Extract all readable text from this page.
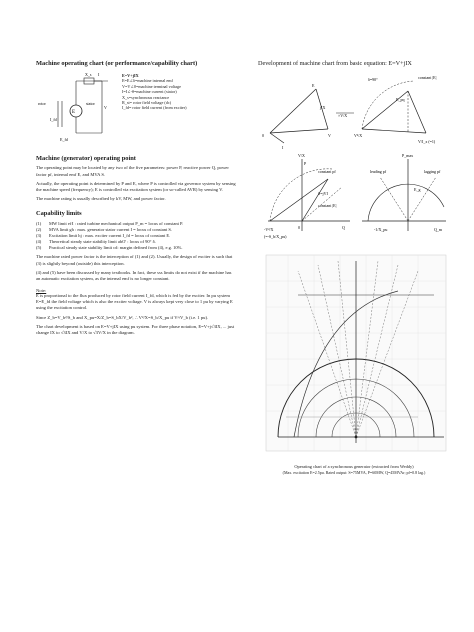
Machine operating chart (or performance/capability chart)
E
X_s I
rotor	stator
V
I_fd
E_fd
E=V+jIX
E=E∠δ=machine internal emf
V=V∠0=machine terminal voltage
I=I∠-θ=machine current (stator)
X_s=synchronous reactance
R_st= rotor field voltage (dc)
I_fd= rotor field current (from exciter)
Machine (generator) operating point
The operating point may be located by any two of the five parameters: power P, reactive power Q, power factor pf, internal emf E, and MVA S.
Actually, the operating point is determined by P and E, where P is controlled via governor system by sensing the machine speed (frequency); E is controlled via excitation system (or so-called AVR) by sensing V.
The machine rating is usually described by kV, MW, and power factor.
Capability limits
(1)	MW limit efℓ : rated turbine mechanical output P_m = locus of constant P.
(2)	MVA limit gh : max. generator stator current I = locus of constant S.
(3)	Excitation limit hj : max. exciter current I_fd = locus of constant E.
(4)	Theoretical steady state stability limit abO' : locus of 90° δ.
(5)	Practical steady state stability limit cd: margin defined from (4), e.g. 10%.
The machine rated power factor is the interception of (1) and (2). Usually, the design of exciter is such that (3) is slightly beyond (outside) this interception.
(4) and (5) have been discussed by many textbooks. In fact, these sss limits do not exist if the machine has an automatic excitation system, as the internal emf is no longer constant.
Note:
E is proportional to the flux produced by rotor field current I_fd, which is fed by the exciter. In pu system E=E_fd the field voltage which is also the exciter voltage. V is always kept very close to 1 pu by varying E using the excitation control.
Since Z_b=V_b²/S_b and X_pu=X/Z_b=S_bX/V_b², ∴ V²/X=S_b/X_pu if V≈V_b (i.e. 1 pu).
The chart development is based on E=V+jIX using pu system. For three phase notation, E=V+j√3IX, ... just change IX to √3IX and V/X to √3V/X in the diagram.
Development of machine chart from basic equation: E=V+jIX
0
E
jIX
V
I
×V/X
δ=90°	constant |E|
E_pq
V²/X
V/I_x (=1)
V/X
P
constant pf
S=jVI
constant |E|
0	Q
-V²/X
(=-S_b/X_pu)
P_max
leading pf	lagging pf
E_g
-1/X_pu	Q_m
Operating chart of a synchronous generator (extracted from Weddy)
(Max. excitation E=2.5pu. Rated output: S=75MVA, P=60MW, Q=45MVAr; pf=0.8 lag.)
